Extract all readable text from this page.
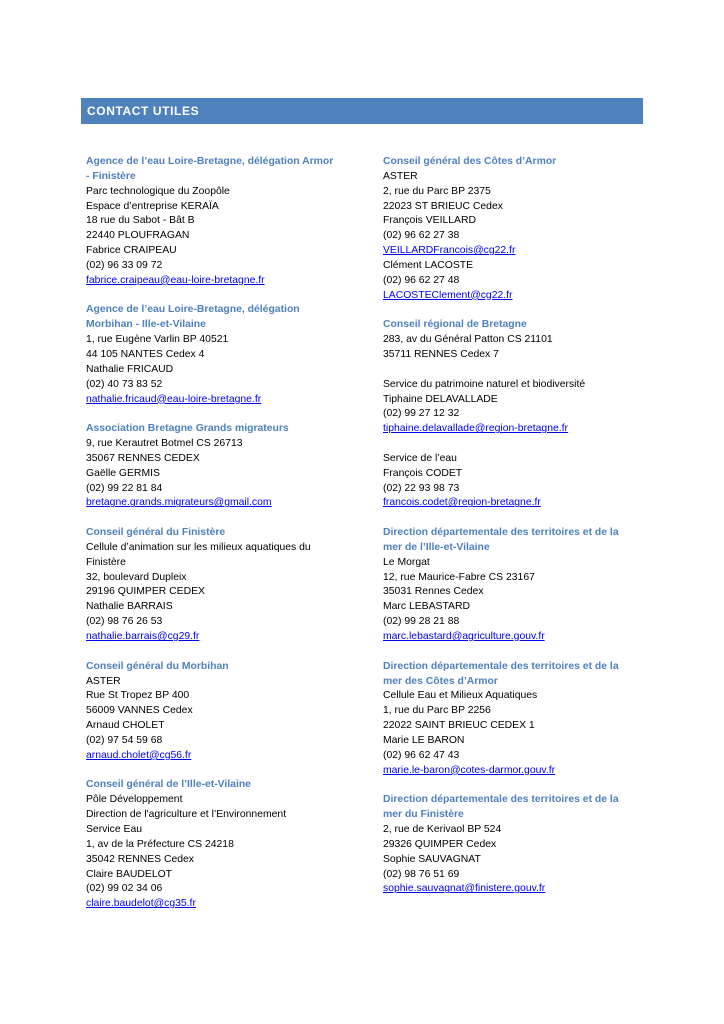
CONTACT UTILES
Agence de l’eau Loire-Bretagne, délégation Armor
- Finistère
Parc technologique du Zoopôle
Espace d’entreprise KERAÏA
18 rue du Sabot - Bât B
22440 PLOUFRAGAN
Fabrice CRAIPEAU
(02) 96 33 09 72
fabrice.craipeau@eau-loire-bretagne.fr
Agence de l’eau Loire-Bretagne, délégation
Morbihan - Ille-et-Vilaine
1, rue Eugène Varlin BP 40521
44 105 NANTES Cedex 4
Nathalie FRICAUD
(02) 40 73 83 52
nathalie.fricaud@eau-loire-bretagne.fr
Association Bretagne Grands migrateurs
9, rue Kerautret Botmel CS 26713
35067 RENNES CEDEX
Gaëlle GERMIS
(02) 99 22 81 84
bretagne.grands.migrateurs@gmail.com
Conseil général du Finistère
Cellule d’animation sur les milieux aquatiques du
Finistère
32, boulevard Dupleix
29196 QUIMPER CEDEX
Nathalie BARRAIS
(02) 98 76 26 53
nathalie.barrais@cg29.fr
Conseil général du Morbihan
ASTER
Rue St Tropez BP 400
56009 VANNES Cedex
Arnaud CHOLET
(02) 97 54 59 68
arnaud.cholet@cg56.fr
Conseil général de l’Ille-et-Vilaine
Pôle Développement
Direction de l'agriculture et l’Environnement
Service Eau
1, av de la Préfecture CS 24218
35042 RENNES Cedex
Claire BAUDELOT
(02) 99 02 34 06
claire.baudelot@cg35.fr
Conseil général des Côtes d’Armor
ASTER
2, rue du Parc BP 2375
22023 ST BRIEUC Cedex
François VEILLARD
(02) 96 62 27 38
VEILLARDFrancois@cg22.fr
Clément LACOSTE
(02) 96 62 27 48
LACOSTEClement@cg22.fr
Conseil régional de Bretagne
283, av du Général Patton CS 21101
35711 RENNES Cedex 7
Service du patrimoine naturel et biodiversité
Tiphaine DELAVALLADE
(02) 99 27 12 32
tiphaine.delavallade@region-bretagne.fr
Service de l’eau
François CODET
(02) 22 93 98 73
francois.codet@region-bretagne.fr
Direction départementale des territoires et de la
mer de l’Ille-et-Vilaine
Le Morgat
12, rue Maurice-Fabre CS 23167
35031 Rennes Cedex
Marc LEBASTARD
(02) 99 28 21 88
marc.lebastard@agriculture.gouv.fr
Direction départementale des territoires et de la
mer des Côtes d’Armor
Cellule Eau et Milieux Aquatiques
1, rue du Parc BP 2256
22022 SAINT BRIEUC CEDEX 1
Marie LE BARON
(02) 96 62 47 43
marie.le-baron@cotes-darmor.gouv.fr
Direction départementale des territoires et de la
mer du Finistère
2, rue de Kerivaol BP 524
29326 QUIMPER Cedex
Sophie SAUVAGNAT
(02) 98 76 51 69
sophie.sauvagnat@finistere.gouv.fr
